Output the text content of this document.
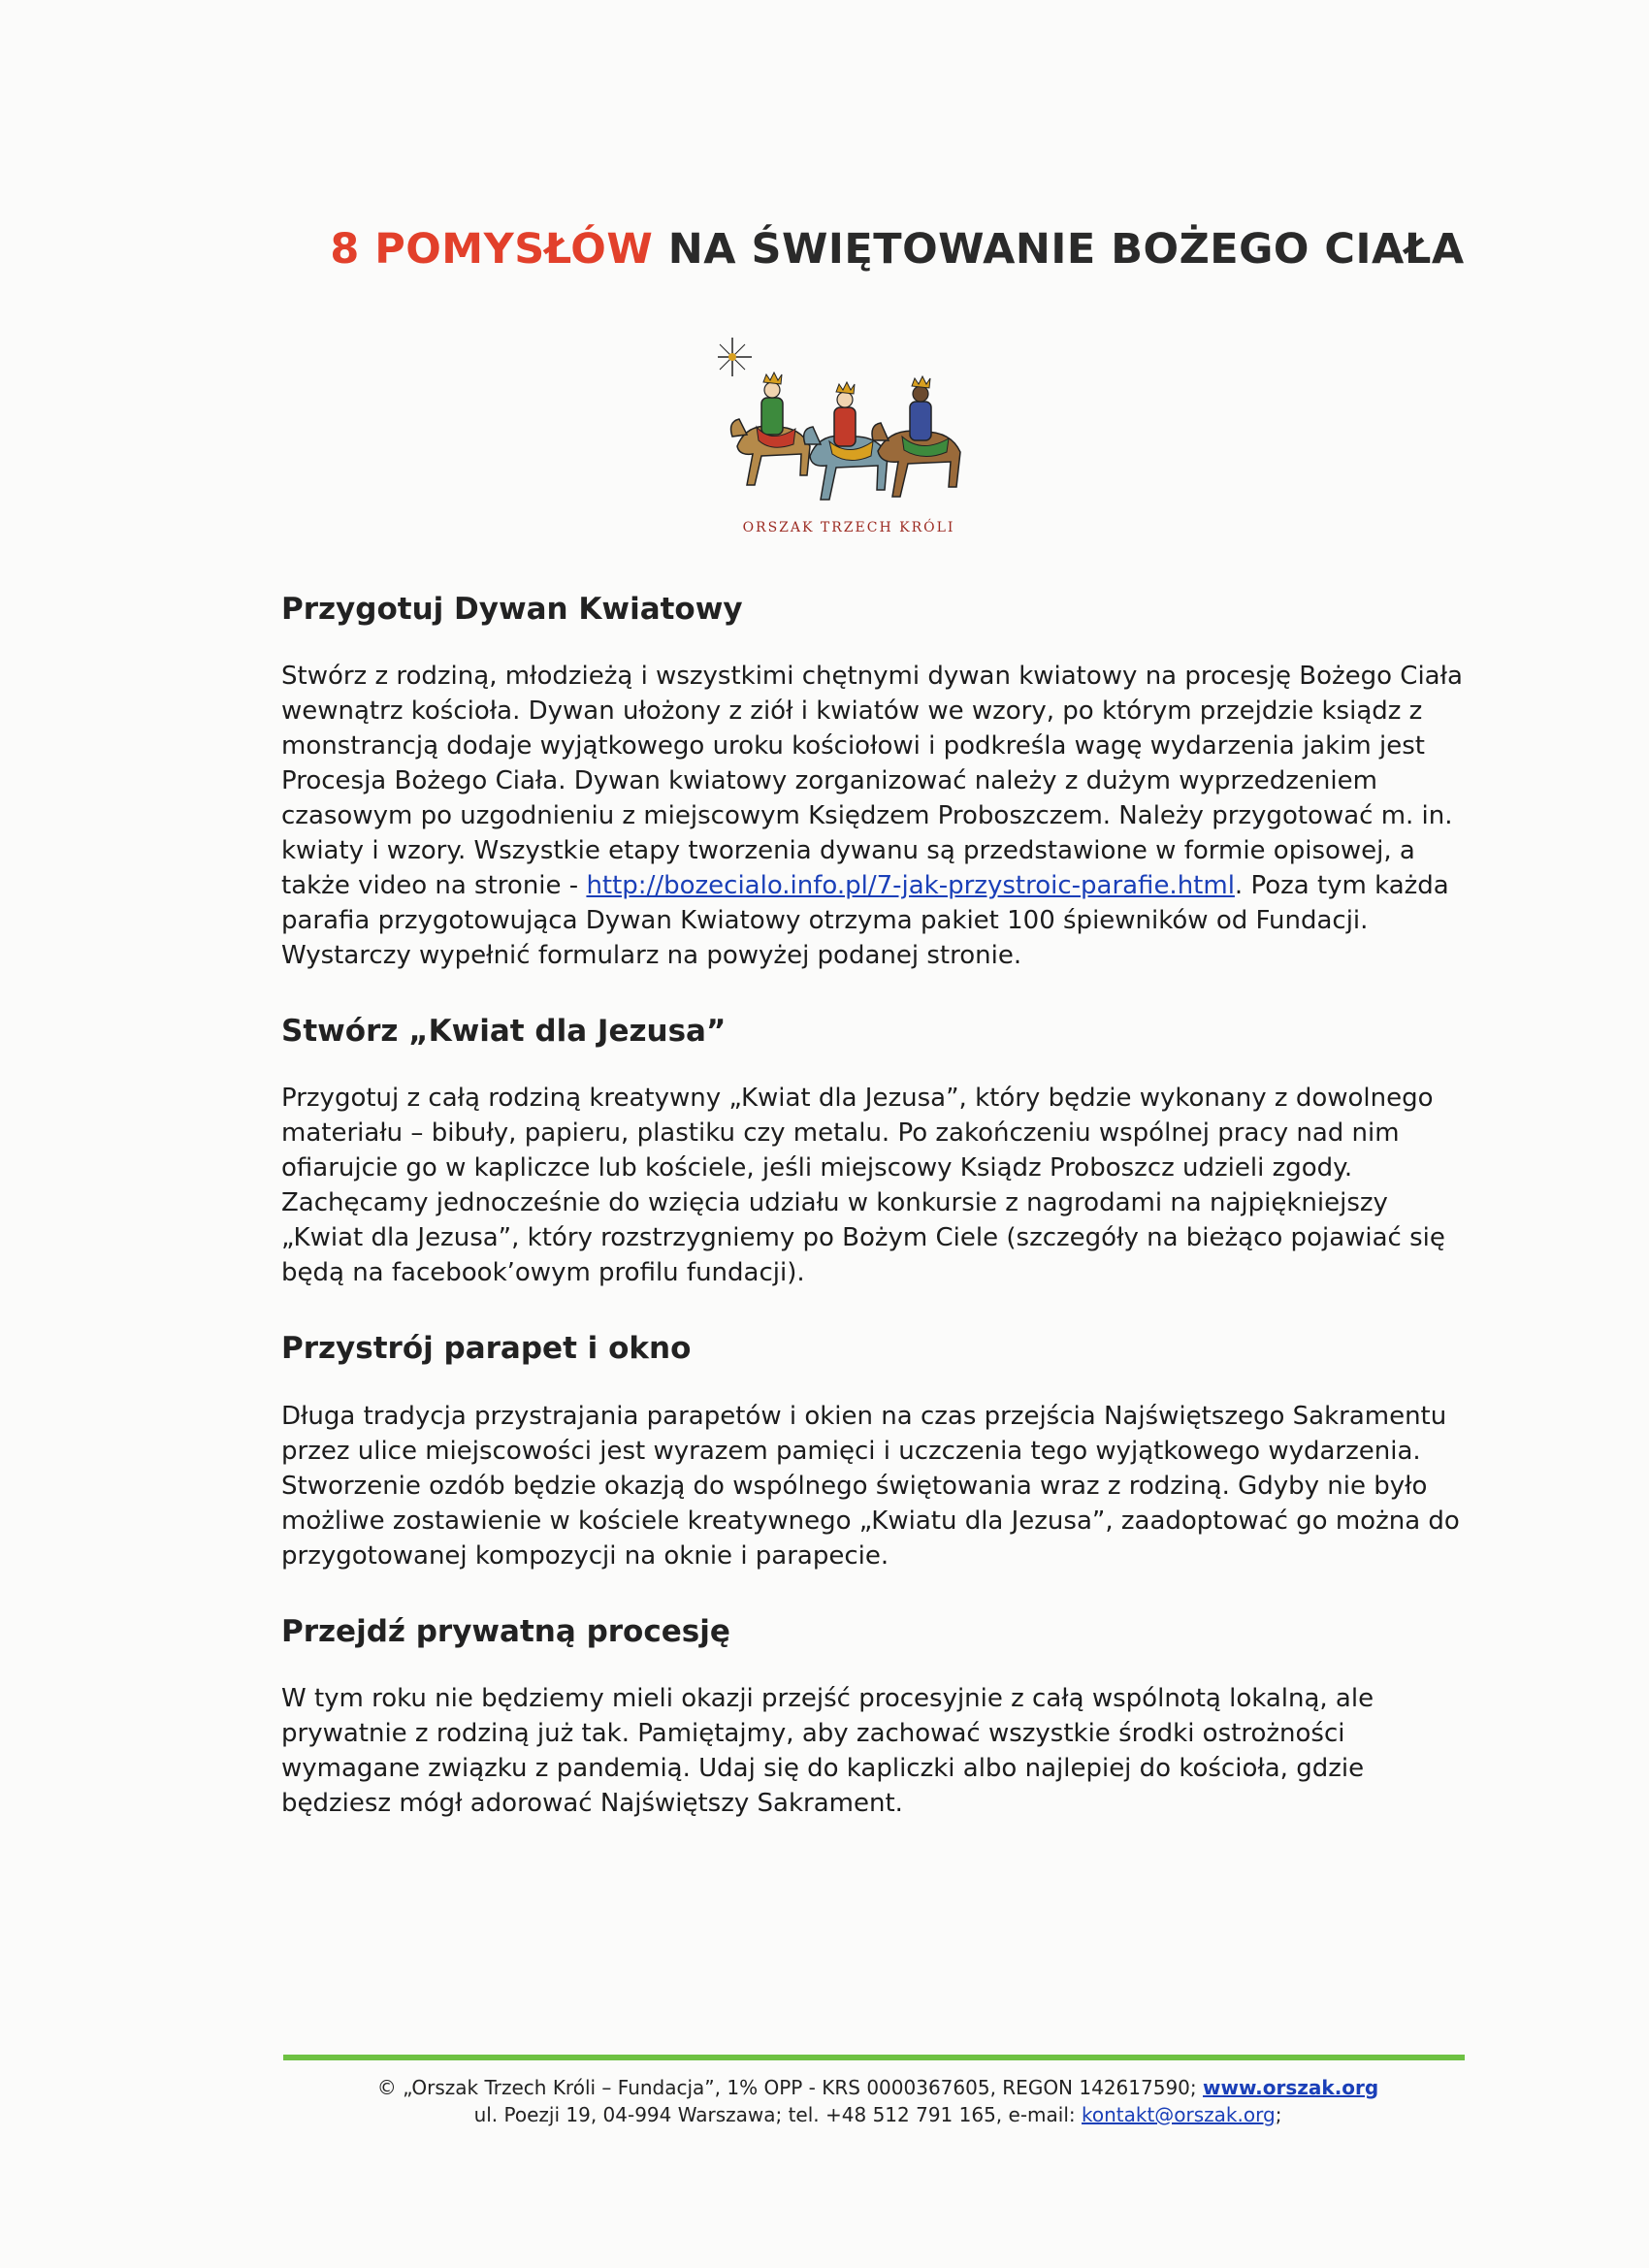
8 POMYSŁÓW NA ŚWIĘTOWANIE BOŻEGO CIAŁA
ORSZAK TRZECH KRÓLI
Przygotuj Dywan Kwiatowy

Stwórz z rodziną, młodzieżą i wszystkimi chętnymi dywan kwiatowy na procesję Bożego Ciała wewnątrz kościoła. Dywan ułożony z ziół i kwiatów we wzory, po którym przejdzie ksiądz z monstrancją dodaje wyjątkowego uroku kościołowi i podkreśla wagę wydarzenia jakim jest Procesja Bożego Ciała. Dywan kwiatowy zorganizować należy z dużym wyprzedzeniem czasowym po uzgodnieniu z miejscowym Księdzem Proboszczem. Należy przygotować m. in. kwiaty i wzory. Wszystkie etapy tworzenia dywanu są przedstawione w formie opisowej, a także video na stronie - http://bozecialo.info.pl/7-jak-przystroic-parafie.html. Poza tym każda parafia przygotowująca Dywan Kwiatowy otrzyma pakiet 100 śpiewników od Fundacji. Wystarczy wypełnić formularz na powyżej podanej stronie.

Stwórz „Kwiat dla Jezusa”

Przygotuj z całą rodziną kreatywny „Kwiat dla Jezusa”, który będzie wykonany z dowolnego materiału – bibuły, papieru, plastiku czy metalu. Po zakończeniu wspólnej pracy nad nim ofiarujcie go w kapliczce lub kościele, jeśli miejscowy Ksiądz Proboszcz udzieli zgody. Zachęcamy jednocześnie do wzięcia udziału w konkursie z nagrodami na najpiękniejszy „Kwiat dla Jezusa”, który rozstrzygniemy po Bożym Ciele (szczegóły na bieżąco pojawiać się będą na facebook’owym profilu fundacji).

Przystrój parapet i okno

Długa tradycja przystrajania parapetów i okien na czas przejścia Najświętszego Sakramentu przez ulice miejscowości jest wyrazem pamięci i uczczenia tego wyjątkowego wydarzenia. Stworzenie ozdób będzie okazją do wspólnego świętowania wraz z rodziną. Gdyby nie było możliwe zostawienie w kościele kreatywnego „Kwiatu dla Jezusa”, zaadoptować go można do przygotowanej kompozycji na oknie i parapecie.

Przejdź prywatną procesję

W tym roku nie będziemy mieli okazji przejść procesyjnie z całą wspólnotą lokalną, ale prywatnie z rodziną już tak. Pamiętajmy, aby zachować wszystkie środki ostrożności wymagane związku z pandemią. Udaj się do kapliczki albo najlepiej do kościoła, gdzie będziesz mógł adorować Najświętszy Sakrament.

© „Orszak Trzech Króli – Fundacja”, 1% OPP - KRS 0000367605, REGON 142617590; www.orszak.org
ul. Poezji 19, 04-994 Warszawa; tel. +48 512 791 165, e-mail: kontakt@orszak.org;
